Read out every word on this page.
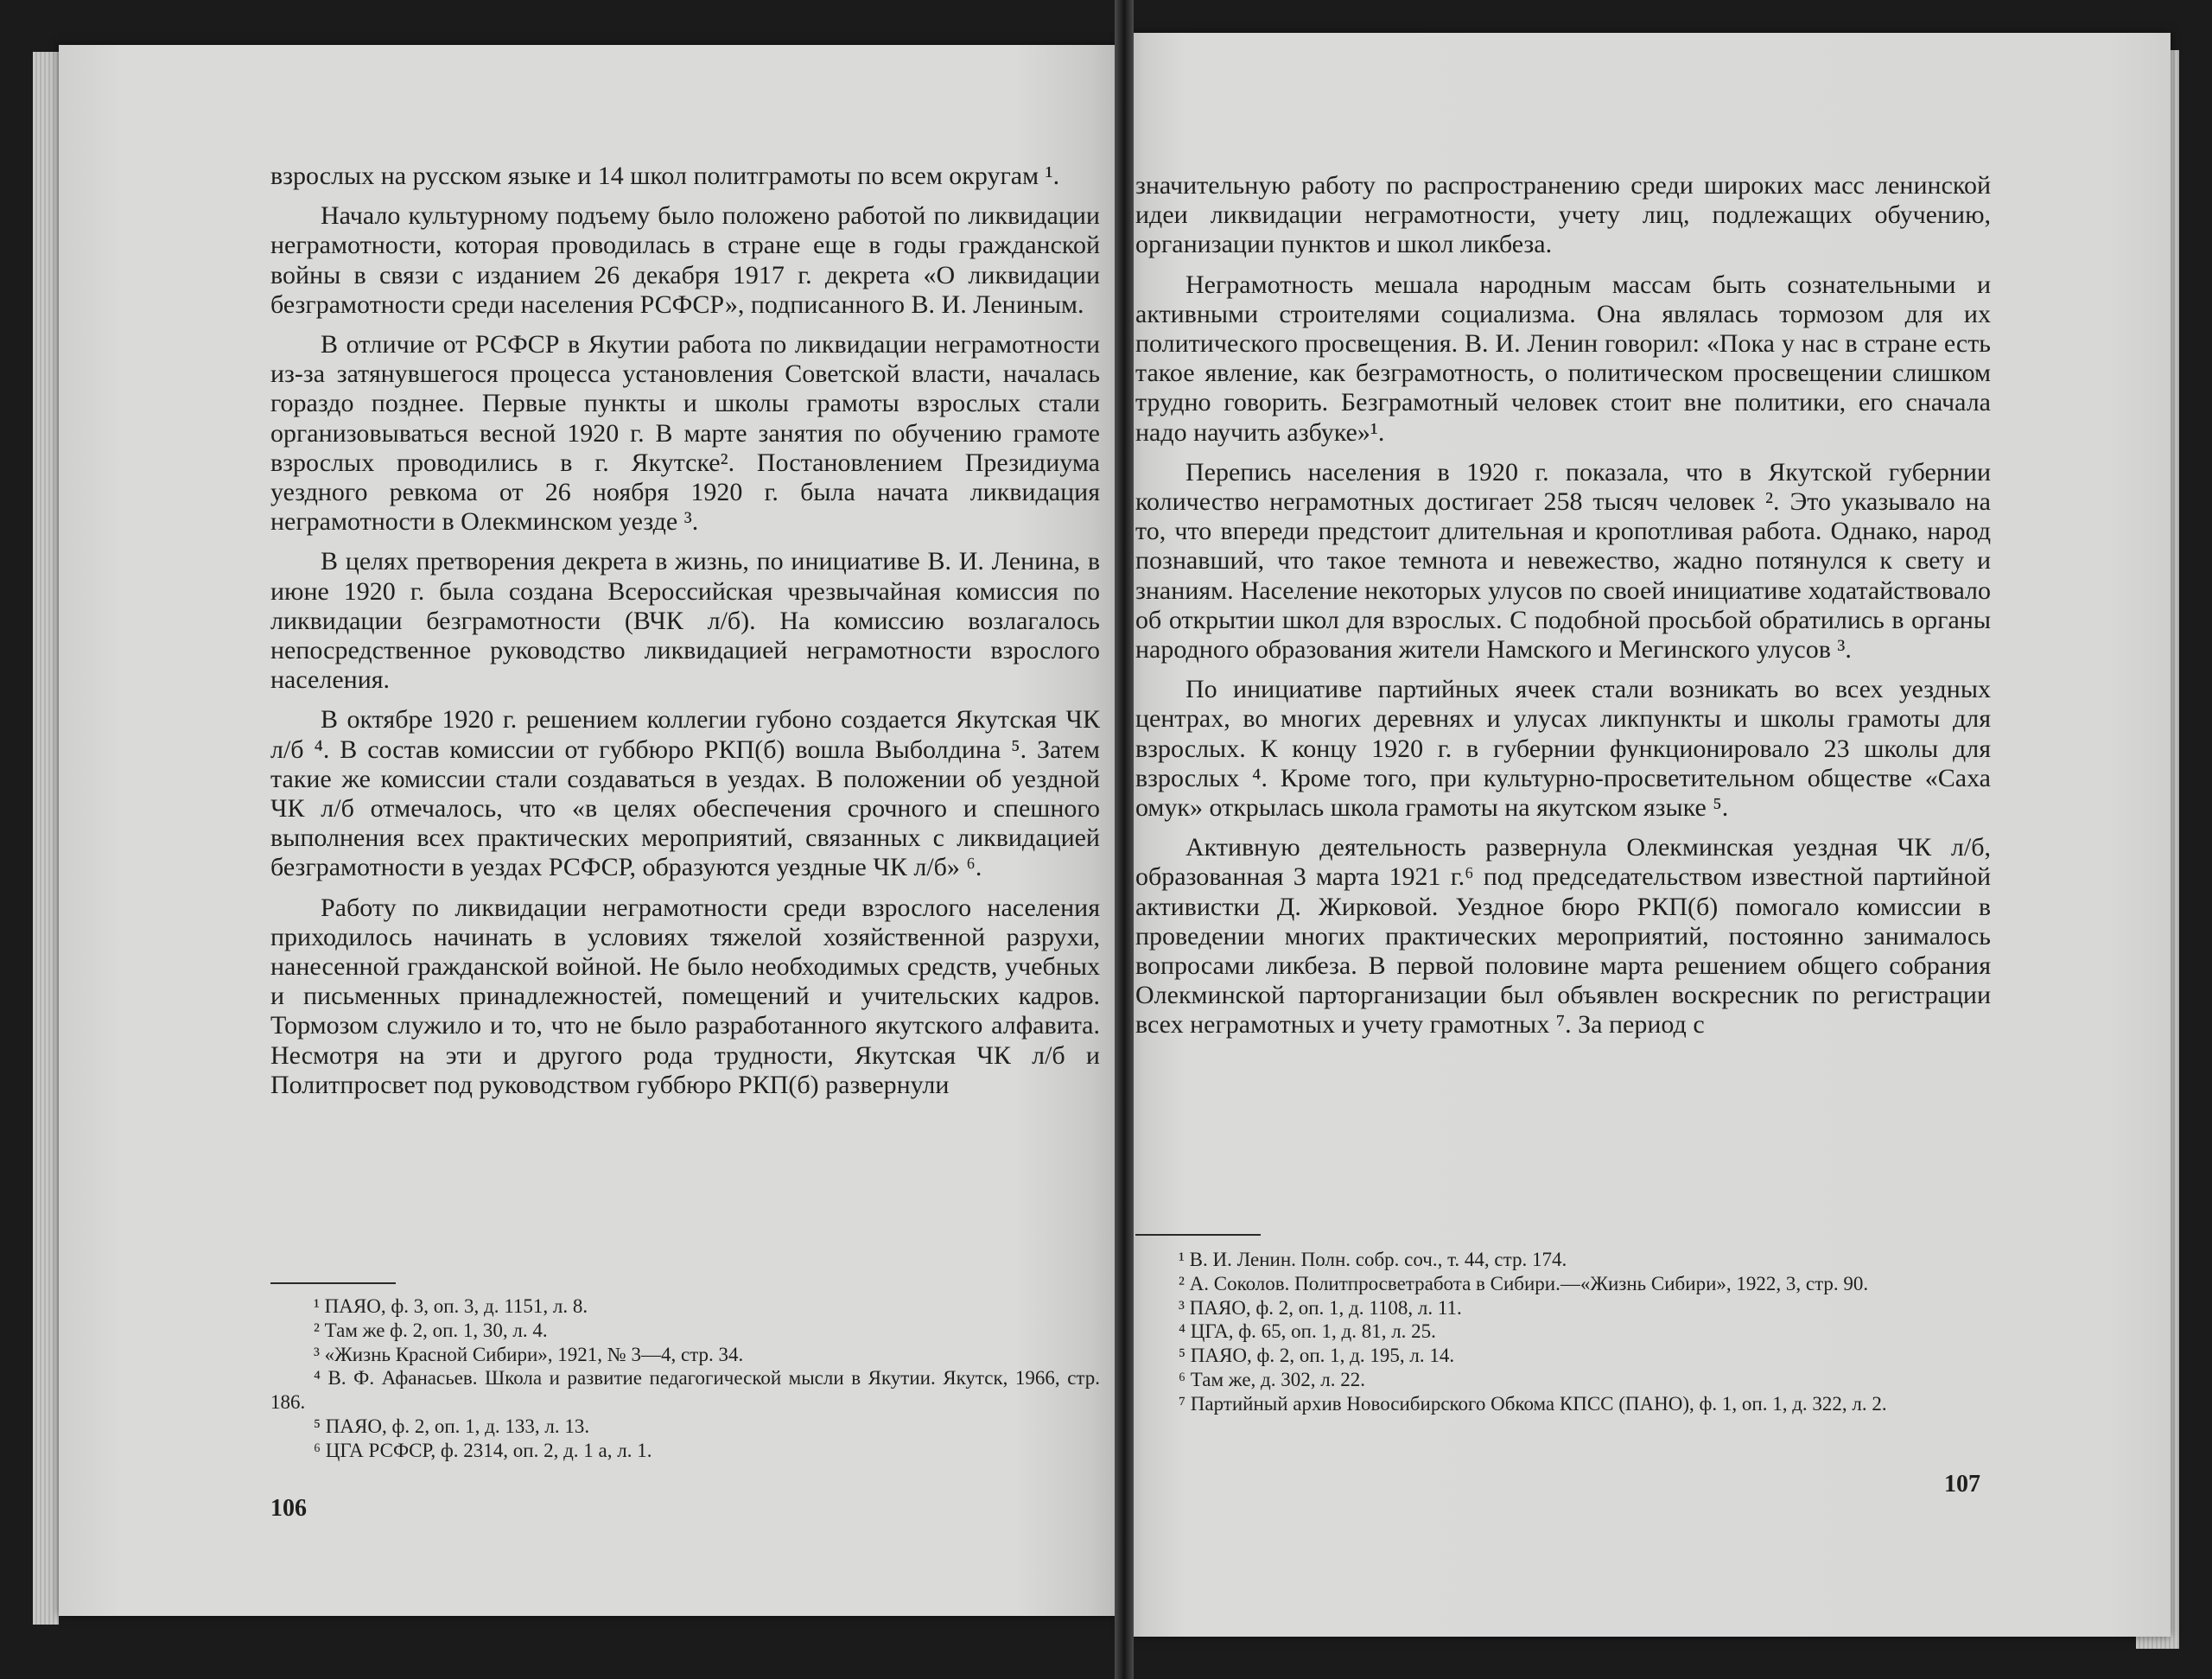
взрослых на русском языке и 14 школ политграмоты по всем округам ¹.

Начало культурному подъему было положено работой по ликвидации неграмотности, которая проводилась в стране еще в годы гражданской войны в связи с изданием 26 декабря 1917 г. декрета «О ликвидации безграмотности среди населения РСФСР», подписанного В. И. Лениным.

В отличие от РСФСР в Якутии работа по ликвидации неграмотности из-за затянувшегося процесса установления Советской власти, началась гораздо позднее. Первые пункты и школы грамоты взрослых стали организовываться весной 1920 г. В марте занятия по обучению грамоте взрослых проводились в г. Якутске². Постановлением Президиума уездного ревкома от 26 ноября 1920 г. была начата ликвидация неграмотности в Олекминском уезде ³.

В целях претворения декрета в жизнь, по инициативе В. И. Ленина, в июне 1920 г. была создана Всероссийская чрезвычайная комиссия по ликвидации безграмотности (ВЧК л/б). На комиссию возлагалось непосредственное руководство ликвидацией неграмотности взрослого населения.

В октябре 1920 г. решением коллегии губоно создается Якутская ЧК л/б ⁴. В состав комиссии от губбюро РКП(б) вошла Выболдина ⁵. Затем такие же комиссии стали создаваться в уездах. В положении об уездной ЧК л/б отмечалось, что «в целях обеспечения срочного и спешного выполнения всех практических мероприятий, связанных с ликвидацией безграмотности в уездах РСФСР, образуются уездные ЧК л/б» ⁶.

Работу по ликвидации неграмотности среди взрослого населения приходилось начинать в условиях тяжелой хозяйственной разрухи, нанесенной гражданской войной. Не было необходимых средств, учебных и письменных принадлежностей, помещений и учительских кадров. Тормозом служило и то, что не было разработанного якутского алфавита. Несмотря на эти и другого рода трудности, Якутская ЧК л/б и Политпросвет под руководством губбюро РКП(б) развернули

¹ ПАЯО, ф. 3, оп. 3, д. 1151, л. 8.

² Там же ф. 2, оп. 1, 30, л. 4.

³ «Жизнь Красной Сибири», 1921, № 3—4, стр. 34.

⁴ В. Ф. Афанасьев. Школа и развитие педагогической мысли в Якутии. Якутск, 1966, стр. 186.

⁵ ПАЯО, ф. 2, оп. 1, д. 133, л. 13.

⁶ ЦГА РСФСР, ф. 2314, оп. 2, д. 1 а, л. 1.

106

значительную работу по распространению среди широких масс ленинской идеи ликвидации неграмотности, учету лиц, подлежащих обучению, организации пунктов и школ ликбеза.

Неграмотность мешала народным массам быть сознательными и активными строителями социализма. Она являлась тормозом для их политического просвещения. В. И. Ленин говорил: «Пока у нас в стране есть такое явление, как безграмотность, о политическом просвещении слишком трудно говорить. Безграмотный человек стоит вне политики, его сначала надо научить азбуке»¹.

Перепись населения в 1920 г. показала, что в Якутской губернии количество неграмотных достигает 258 тысяч человек ². Это указывало на то, что впереди предстоит длительная и кропотливая работа. Однако, народ познавший, что такое темнота и невежество, жадно потянулся к свету и знаниям. Население некоторых улусов по своей инициативе ходатайствовало об открытии школ для взрослых. С подобной просьбой обратились в органы народного образования жители Намского и Мегинского улусов ³.

По инициативе партийных ячеек стали возникать во всех уездных центрах, во многих деревнях и улусах ликпункты и школы грамоты для взрослых. К концу 1920 г. в губернии функционировало 23 школы для взрослых ⁴. Кроме того, при культурно-просветительном обществе «Саха омук» открылась школа грамоты на якутском языке ⁵.

Активную деятельность развернула Олекминская уездная ЧК л/б, образованная 3 марта 1921 г.⁶ под председательством известной партийной активистки Д. Жирковой. Уездное бюро РКП(б) помогало комиссии в проведении многих практических мероприятий, постоянно занималось вопросами ликбеза. В первой половине марта решением общего собрания Олекминской парторганизации был объявлен воскресник по регистрации всех неграмотных и учету грамотных ⁷. За период с

¹ В. И. Ленин. Полн. собр. соч., т. 44, стр. 174.

² А. Соколов. Политпросветработа в Сибири.—«Жизнь Сибири», 1922, 3, стр. 90.

³ ПАЯО, ф. 2, оп. 1, д. 1108, л. 11.

⁴ ЦГА, ф. 65, оп. 1, д. 81, л. 25.

⁵ ПАЯО, ф. 2, оп. 1, д. 195, л. 14.

⁶ Там же, д. 302, л. 22.

⁷ Партийный архив Новосибирского Обкома КПСС (ПАНО), ф. 1, оп. 1, д. 322, л. 2.

107
